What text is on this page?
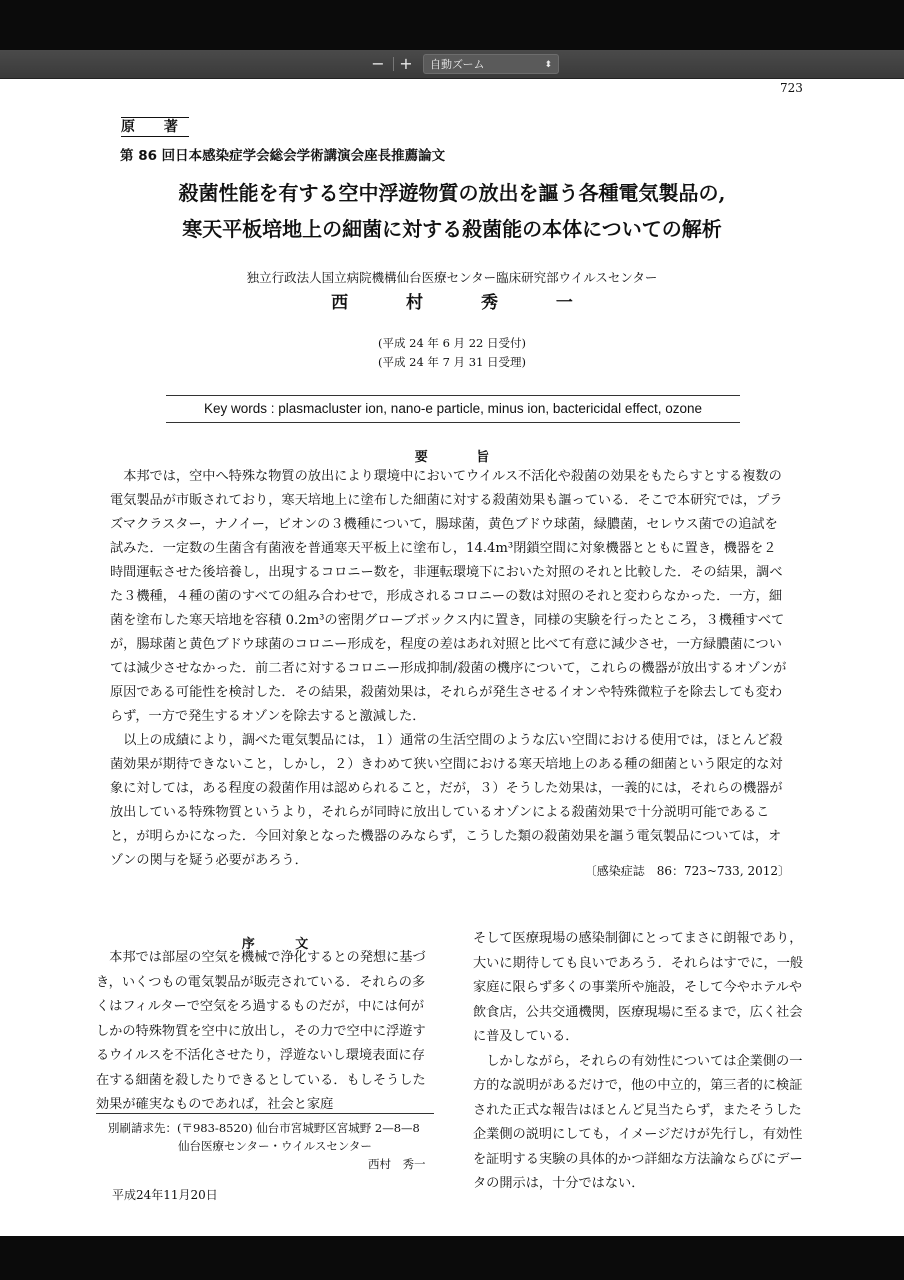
− +	自動ズーム	⬍
723
原 著
第 86 回日本感染症学会総会学術講演会座長推薦論文
殺菌性能を有する空中浮遊物質の放出を謳う各種電気製品の,
寒天平板培地上の細菌に対する殺菌能の本体についての解析
独立行政法人国立病院機構仙台医療センター臨床研究部ウイルスセンター
西 村 秀 一
(平成 24 年 6 月 22 日受付)
(平成 24 年 7 月 31 日受理)
Key words : plasmacluster ion, nano-e particle, minus ion, bactericidal effect, ozone
要 旨

本邦では，空中へ特殊な物質の放出により環境中においてウイルス不活化や殺菌の効果をもたらすとする複数の電気製品が市販されており，寒天培地上に塗布した細菌に対する殺菌効果も謳っている．そこで本研究では，プラズマクラスター，ナノイー，ビオンの３機種について，腸球菌，黄色ブドウ球菌，緑膿菌，セレウス菌での追試を試みた．一定数の生菌含有菌液を普通寒天平板上に塗布し，14.4m³閉鎖空間に対象機器とともに置き，機器を２時間運転させた後培養し，出現するコロニー数を，非運転環境下においた対照のそれと比較した．その結果，調べた３機種，４種の菌のすべての組み合わせで，形成されるコロニーの数は対照のそれと変わらなかった．一方，細菌を塗布した寒天培地を容積 0.2m³の密閉グローブボックス内に置き，同様の実験を行ったところ，３機種すべてが，腸球菌と黄色ブドウ球菌のコロニー形成を，程度の差はあれ対照と比べて有意に減少させ，一方緑膿菌については減少させなかった．前二者に対するコロニー形成抑制/殺菌の機序について，これらの機器が放出するオゾンが原因である可能性を検討した．その結果，殺菌効果は，それらが発生させるイオンや特殊微粒子を除去しても変わらず，一方で発生するオゾンを除去すると激減した．

以上の成績により，調べた電気製品には，１）通常の生活空間のような広い空間における使用では，ほとんど殺菌効果が期待できないこと，しかし，２）きわめて狭い空間における寒天培地上のある種の細菌という限定的な対象に対しては，ある程度の殺菌作用は認められること，だが，３）そうした効果は，一義的には，それらの機器が放出している特殊物質というより，それらが同時に放出しているオゾンによる殺菌効果で十分説明可能であること，が明らかになった．今回対象となった機器のみならず，こうした類の殺菌効果を謳う電気製品については，オゾンの関与を疑う必要があろう．

〔感染症誌　86：723~733, 2012〕
序 文

本邦では部屋の空気を機械で浄化するとの発想に基づき，いくつもの電気製品が販売されている．それらの多くはフィルターで空気をろ過するものだが，中には何がしかの特殊物質を空中に放出し，その力で空中に浮遊するウイルスを不活化させたり，浮遊ないし環境表面に存在する細菌を殺したりできるとしている．もしそうした効果が確実なものであれば，社会と家庭

そして医療現場の感染制御にとってまさに朗報であり，大いに期待しても良いであろう．それらはすでに，一般家庭に限らず多くの事業所や施設，そして今やホテルや飲食店，公共交通機関，医療現場に至るまで，広く社会に普及している．

しかしながら，それらの有効性については企業側の一方的な説明があるだけで，他の中立的，第三者的に検証された正式な報告はほとんど見当たらず，またそうした企業側の説明にしても，イメージだけが先行し，有効性を証明する実験の具体的かつ詳細な方法論ならびにデータの開示は，十分ではない．

別刷請求先：(〒983-8520) 仙台市宮城野区宮城野 2—8—8
仙台医療センター・ウイルスセンター
西村　秀一
平成24年11月20日
